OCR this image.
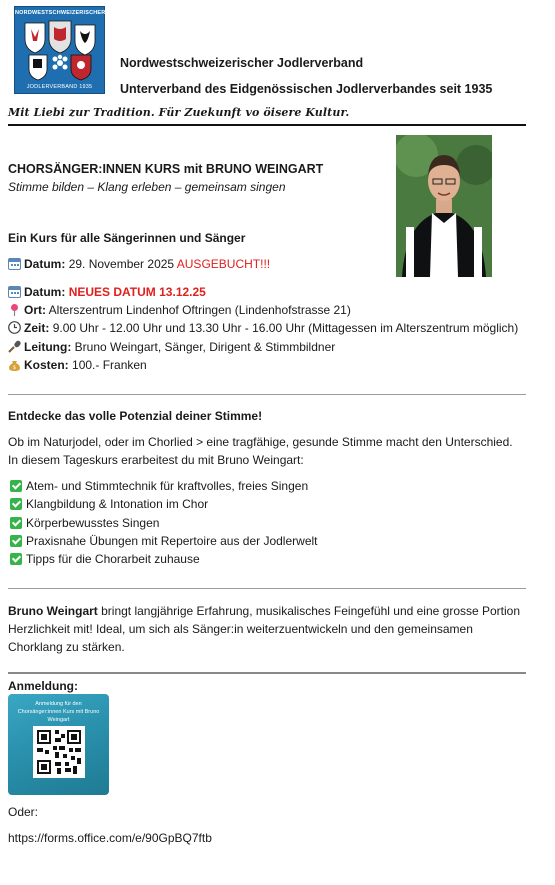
NORDWESTSCHWEIZERISCHER
JODLERVERBAND 1935
Nordwestschweizerischer Jodlerverband
Unterverband des Eidgenössischen Jodlerverbandes seit 1935
Mit Liebi zur Tradition. Für Zuekunft vo öisere Kultur.
CHORSÄNGER:INNEN KURS mit BRUNO WEINGART
Stimme bilden – Klang erleben – gemeinsam singen
Ein Kurs für alle Sängerinnen und Sänger
Datum: 29. November 2025 AUSGEBUCHT!!!
Datum: NEUES DATUM 13.12.25
Ort: Alterszentrum Lindenhof Oftringen (Lindenhofstrasse 21)
Zeit: 9.00 Uhr - 12.00 Uhr und 13.30 Uhr - 16.00 Uhr (Mittagessen im Alterszentrum möglich)
Leitung: Bruno Weingart, Sänger, Dirigent & Stimmbildner
$ Kosten: 100.- Franken
Entdecke das volle Potenzial deiner Stimme!
Ob im Naturjodel, oder im Chorlied > eine tragfähige, gesunde Stimme macht den Unterschied.
In diesem Tageskurs erarbeitest du mit Bruno Weingart:
Atem- und Stimmtechnik für kraftvolles, freies Singen
Klangbildung & Intonation im Chor
Körperbewusstes Singen
Praxisnahe Übungen mit Repertoire aus der Jodlerwelt
Tipps für die Chorarbeit zuhause
Bruno Weingart bringt langjährige Erfahrung, musikalisches Feingefühl und eine grosse Portion
Herzlichkeit mit! Ideal, um sich als Sänger:in weiterzuentwickeln und den gemeinsamen
Chorklang zu stärken.
Anmeldung:
Anmeldung für den Chorsänger:innen Kurs mit Bruno Weingart
Oder:
https://forms.office.com/e/90GpBQ7ftb
